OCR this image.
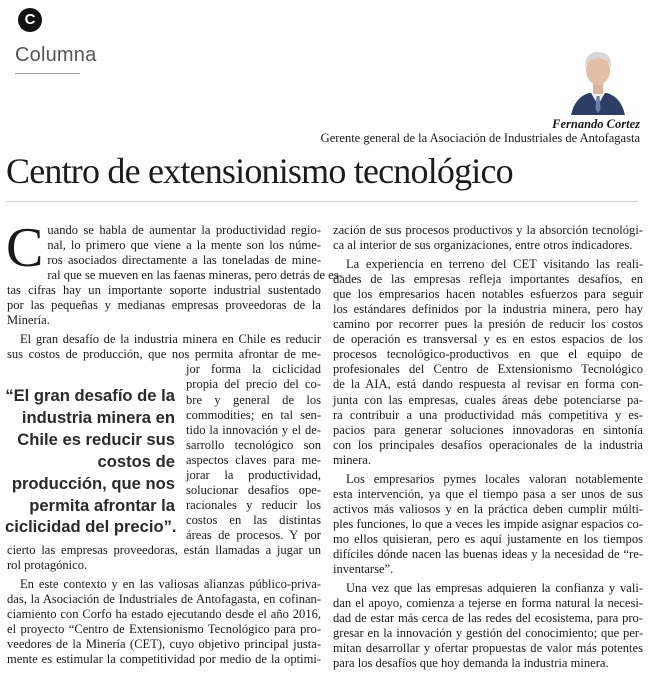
C
Columna
Fernando Cortez
Gerente general de la Asociación de Industriales de Antofagasta
Centro de extensionismo tecnológico

C uando se habla de aumentar la productividad regio-
nal, lo primero que viene a la mente son los núme-
ros asociados directamente a las toneladas de mine-
ral que se mueven en las faenas mineras, pero detrás de es-
tas cifras hay un importante soporte industrial sustentado
por las pequeñas y medianas empresas proveedoras de la
Minería.

El gran desafío de la industria minera en Chile es reducir
sus costos de producción, que nos permita afrontar de me-
jor forma la ciclicidad
propia del precio del co-
bre y general de los
commodities; en tal sen-
tido la innovación y el de-
sarrollo tecnológico son
aspectos claves para me-
jorar la productividad,
solucionar desafíos ope-
racionales y reducir los
costos en las distintas
áreas de procesos. Y por
cierto las empresas proveedoras, están llamadas a jugar un
rol protagónico.

En este contexto y en las valiosas alianzas público-priva-
das, la Asociación de Industriales de Antofagasta, en cofinan-
ciamiento con Corfo ha estado ejecutando desde el año 2016,
el proyecto “Centro de Extensionismo Tecnológico para pro-
veedores de la Minería (CET), cuyo objetivo principal justa-
mente es estimular la competitividad por medio de la optimi-

“El gran desafío de la
industria minera en
Chile es reducir sus
costos de
producción, que nos
permita afrontar la
ciclicidad del precio”.

zación de sus procesos productivos y la absorción tecnológi-
ca al interior de sus organizaciones, entre otros indicadores.

La experiencia en terreno del CET visitando las reali-
dades de las empresas refleja importantes desafíos, en
que los empresarios hacen notables esfuerzos para seguir
los estándares definidos por la industria minera, pero hay
camino por recorrer pues la presión de reducir los costos
de operación es transversal y es en estos espacios de los
procesos tecnológico-productivos en que el equipo de
profesionales del Centro de Extensionismo Tecnológico
de la AIA, está dando respuesta al revisar en forma con-
junta con las empresas, cuales áreas debe potenciarse pa-
ra contribuir a una productividad más competitiva y es-
pacios para generar soluciones innovadoras en sintonía
con los principales desafíos operacionales de la industria
minera.

Los empresarios pymes locales valoran notablemente
esta intervención, ya que el tiempo pasa a ser unos de sus
activos más valiosos y en la práctica deben cumplir múlti-
ples funciones, lo que a veces les impide asignar espacios co-
mo ellos quisieran, pero es aquí justamente en los tiempos
difíciles dónde nacen las buenas ideas y la necesidad de “re-
inventarse”.

Una vez que las empresas adquieren la confianza y vali-
dan el apoyo, comienza a tejerse en forma natural la necesi-
dad de estar más cerca de las redes del ecosistema, para pro-
gresar en la innovación y gestión del conocimiento; que per-
mitan desarrollar y ofertar propuestas de valor más potentes
para los desafíos que hoy demanda la industria minera.
